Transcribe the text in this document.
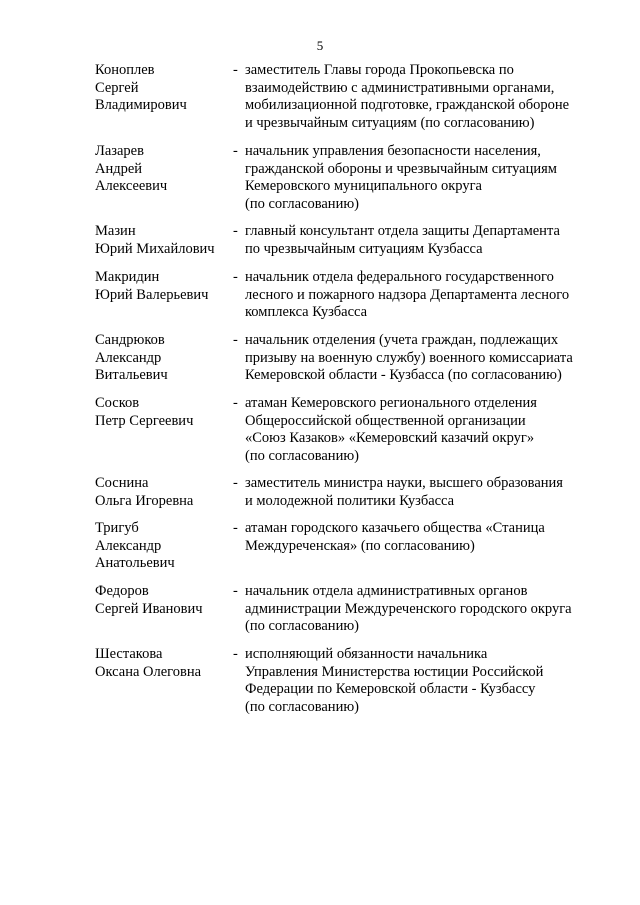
5
Коноплев
Сергей
Владимирович
- заместитель Главы города Прокопьевска по
взаимодействию с административными органами,
мобилизационной подготовке, гражданской обороне
и чрезвычайным ситуациям (по согласованию)
Лазарев
Андрей
Алексеевич
- начальник управления безопасности населения,
гражданской обороны и чрезвычайным ситуациям
Кемеровского муниципального округа
(по согласованию)
Мазин
Юрий Михайлович
- главный консультант отдела защиты Департамента
по чрезвычайным ситуациям Кузбасса
Макридин
Юрий Валерьевич
- начальник отдела федерального государственного
лесного и пожарного надзора Департамента лесного
комплекса Кузбасса
Сандрюков
Александр
Витальевич
- начальник отделения (учета граждан, подлежащих
призыву на военную службу) военного комиссариата
Кемеровской области - Кузбасса (по согласованию)
Сосков
Петр Сергеевич
- атаман Кемеровского регионального отделения
Общероссийской общественной организации
«Союз Казаков» «Кемеровский казачий округ»
(по согласованию)
Соснина
Ольга Игоревна
- заместитель министра науки, высшего образования
и молодежной политики Кузбасса
Тригуб
Александр
Анатольевич
- атаман городского казачьего общества «Станица
Междуреченская» (по согласованию)
Федоров
Сергей Иванович
- начальник отдела административных органов
администрации Междуреченского городского округа
(по согласованию)
Шестакова
Оксана Олеговна
- исполняющий обязанности начальника
Управления Министерства юстиции Российской
Федерации по Кемеровской области - Кузбассу
(по согласованию)
